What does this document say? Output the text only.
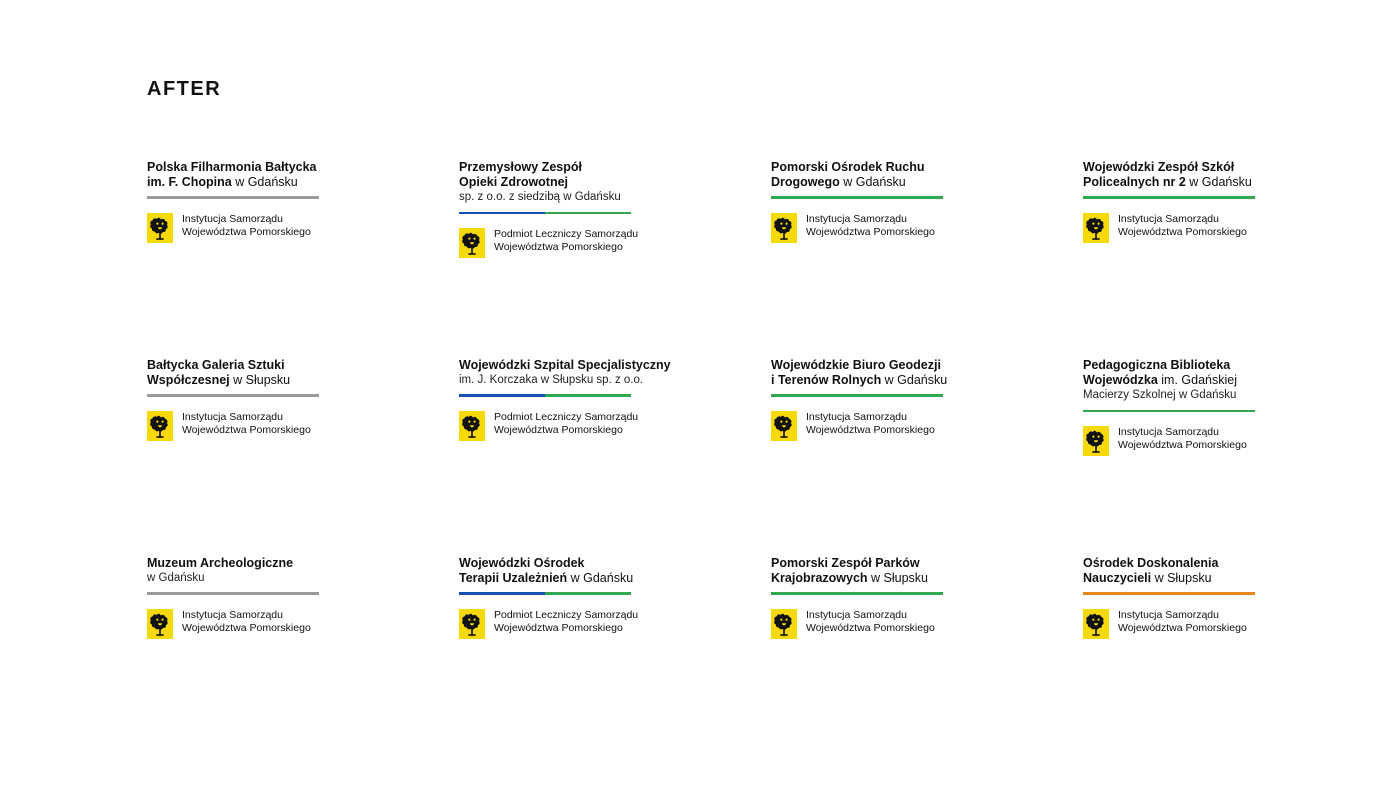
AFTER
Polska Filharmonia Bałtycka
im. F. Chopina w Gdańsku
Instytucja Samorządu
Województwa Pomorskiego
Przemysłowy Zespół
Opieki Zdrowotnej
sp. z o.o. z siedzibą w Gdańsku
Podmiot Leczniczy Samorządu
Województwa Pomorskiego
Pomorski Ośrodek Ruchu
Drogowego w Gdańsku
Instytucja Samorządu
Województwa Pomorskiego
Wojewódzki Zespół Szkół
Policealnych nr 2 w Gdańsku
Instytucja Samorządu
Województwa Pomorskiego
Bałtycka Galeria Sztuki
Współczesnej w Słupsku
Instytucja Samorządu
Województwa Pomorskiego
Wojewódzki Szpital Specjalistyczny
im. J. Korczaka w Słupsku sp. z o.o.
Podmiot Leczniczy Samorządu
Województwa Pomorskiego
Wojewódzkie Biuro Geodezji
i Terenów Rolnych w Gdańsku
Instytucja Samorządu
Województwa Pomorskiego
Pedagogiczna Biblioteka
Wojewódzka im. Gdańskiej
Macierzy Szkolnej w Gdańsku
Instytucja Samorządu
Województwa Pomorskiego
Muzeum Archeologiczne
w Gdańsku
Instytucja Samorządu
Województwa Pomorskiego
Wojewódzki Ośrodek
Terapii Uzależnień w Gdańsku
Podmiot Leczniczy Samorządu
Województwa Pomorskiego
Pomorski Zespół Parków
Krajobrazowych w Słupsku
Instytucja Samorządu
Województwa Pomorskiego
Ośrodek Doskonalenia
Nauczycieli w Słupsku
Instytucja Samorządu
Województwa Pomorskiego
